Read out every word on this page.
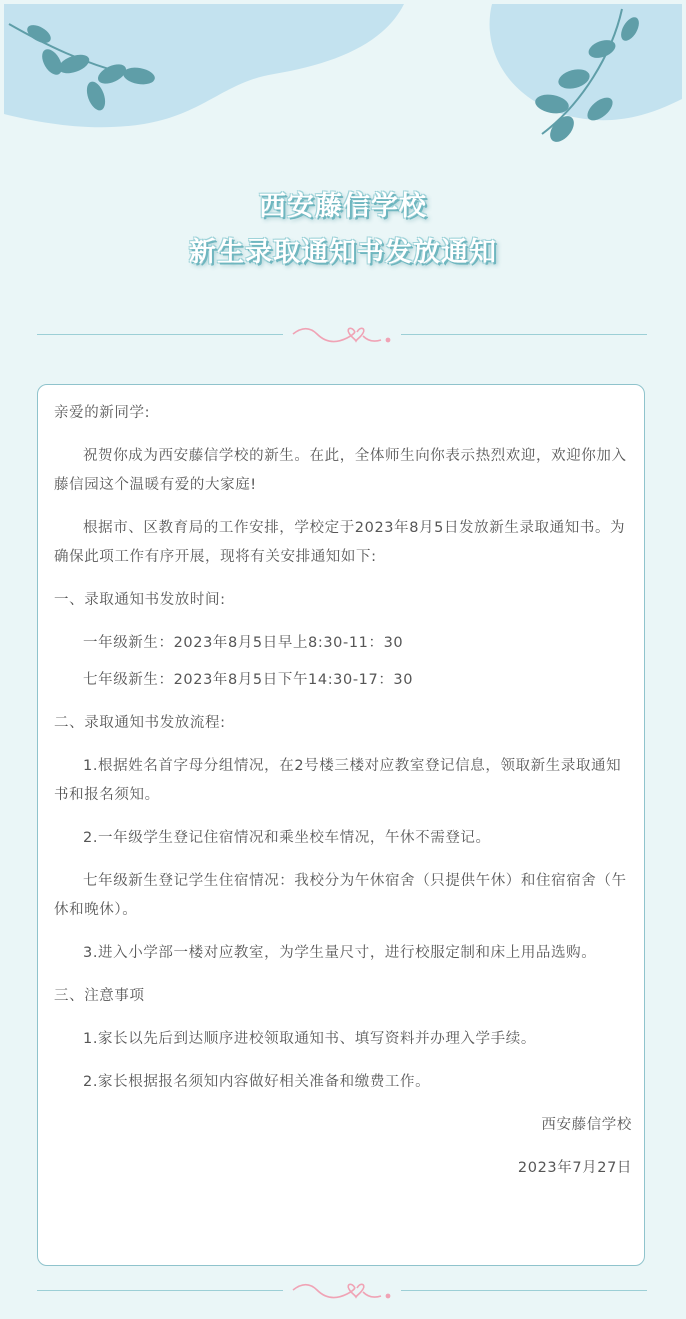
西安藤信学校
新生录取通知书发放通知

亲爱的新同学:

祝贺你成为西安藤信学校的新生。在此，全体师生向你表示热烈欢迎，欢迎你加入藤信园这个温暖有爱的大家庭!

根据市、区教育局的工作安排，学校定于2023年8月5日发放新生录取通知书。为确保此项工作有序开展，现将有关安排通知如下:

一、录取通知书发放时间:

一年级新生：2023年8月5日早上8:30-11：30

七年级新生：2023年8月5日下午14:30-17：30

二、录取通知书发放流程:

1.根据姓名首字母分组情况，在2号楼三楼对应教室登记信息，领取新生录取通知书和报名须知。

2.一年级学生登记住宿情况和乘坐校车情况，午休不需登记。

七年级新生登记学生住宿情况：我校分为午休宿舍（只提供午休）和住宿宿舍（午休和晚休）。

3.进入小学部一楼对应教室，为学生量尺寸，进行校服定制和床上用品选购。

三、注意事项

1.家长以先后到达顺序进校领取通知书、填写资料并办理入学手续。

2.家长根据报名须知内容做好相关准备和缴费工作。

西安藤信学校

2023年7月27日
